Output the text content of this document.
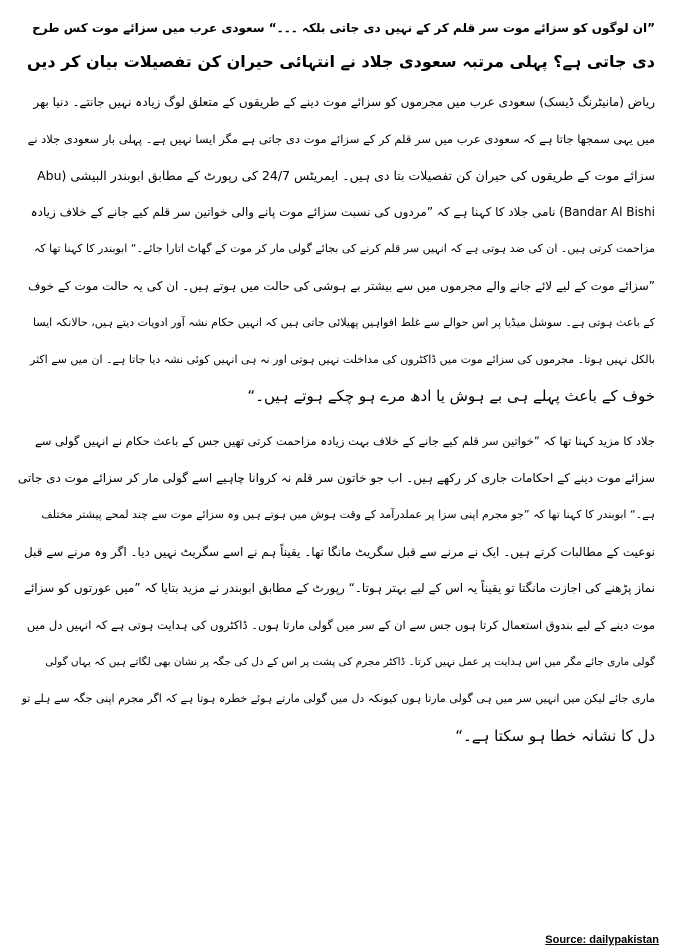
”ان لوگوں کو سزائے موت سر قلم کر کے نہیں دی جاتی بلکہ ۔۔۔“ سعودی عرب میں سزائے موت کس طرح
دی جاتی ہے؟ پہلی مرتبہ سعودی جلاد نے انتہائی حیران کن تفصیلات بیان کر دیں
ریاض (مانیٹرنگ ڈیسک) سعودی عرب میں مجرموں کو سزائے موت دینے کے طریقوں کے متعلق لوگ زیادہ نہیں جانتے۔ دنیا بھر
میں یہی سمجھا جاتا ہے کہ سعودی عرب میں سر قلم کر کے سزائے موت دی جاتی ہے مگر ایسا نہیں ہے۔ پہلی بار سعودی جلاد نے
سزائے موت کے طریقوں کی حیران کن تفصیلات بتا دی ہیں۔ ایمریٹس 24/7 کی رپورٹ کے مطابق ابوبندر البیشی (Abu
Bandar Al Bishi) نامی جلاد کا کہنا ہے کہ ”مردوں کی نسبت سزائے موت پانے والی خواتین سر قلم کیے جانے کے خلاف زیادہ
مزاحمت کرتی ہیں۔ ان کی ضد ہوتی ہے کہ انہیں سر قلم کرنے کی بجائے گولی مار کر موت کے گھاٹ اتارا جائے۔“ ابوبندر کا کہنا تھا کہ
”سزائے موت کے لیے لائے جانے والے مجرموں میں سے بیشتر بے ہوشی کی حالت میں ہوتے ہیں۔ ان کی یہ حالت موت کے خوف
کے باعث ہوتی ہے۔ سوشل میڈیا پر اس حوالے سے غلط افواہیں پھیلائی جاتی ہیں کہ انہیں حکام نشہ آور ادویات دیتے ہیں، حالانکہ ایسا
بالکل نہیں ہوتا۔ مجرموں کی سزائے موت میں ڈاکٹروں کی مداخلت نہیں ہوتی اور نہ ہی انہیں کوئی نشہ دیا جاتا ہے۔ ان میں سے اکثر
خوف کے باعث پہلے ہی بے ہوش یا ادھ مرے ہو چکے ہوتے ہیں۔“
جلاد کا مزید کہنا تھا کہ ”خواتین سر قلم کیے جانے کے خلاف بہت زیادہ مزاحمت کرتی تھیں جس کے باعث حکام نے انہیں گولی سے
سزائے موت دینے کے احکامات جاری کر رکھے ہیں۔ اب جو خاتون سر قلم نہ کروانا چاہیے اسے گولی مار کر سزائے موت دی جاتی
ہے۔“ ابوبندر کا کہنا تھا کہ ”جو مجرم اپنی سزا پر عملدرآمد کے وقت ہوش میں ہوتے ہیں وہ سزائے موت سے چند لمحے پیشتر مختلف
نوعیت کے مطالبات کرتے ہیں۔ ایک نے مرنے سے قبل سگریٹ مانگا تھا۔ یقیناً ہم نے اسے سگریٹ نہیں دیا۔ اگر وہ مرنے سے قبل
نماز پڑھنے کی اجازت مانگتا تو یقیناً یہ اس کے لیے بہتر ہوتا۔“ رپورٹ کے مطابق ابوبندر نے مزید بتایا کہ ”میں عورتوں کو سزائے
موت دینے کے لیے بندوق استعمال کرتا ہوں جس سے ان کے سر میں گولی مارتا ہوں۔ ڈاکٹروں کی ہدایت ہوتی ہے کہ انہیں دل میں
گولی ماری جائے مگر میں اس ہدایت پر عمل نہیں کرتا۔ ڈاکٹر مجرم کی پشت پر اس کے دل کی جگہ پر نشان بھی لگاتے ہیں کہ یہاں گولی
ماری جائے لیکن میں انہیں سر میں ہی گولی مارتا ہوں کیونکہ دل میں گولی مارتے ہوئے خطرہ ہوتا ہے کہ اگر مجرم اپنی جگہ سے ہلے تو
دل کا نشانہ خطا ہو سکتا ہے۔“
Source: dailypakistan
